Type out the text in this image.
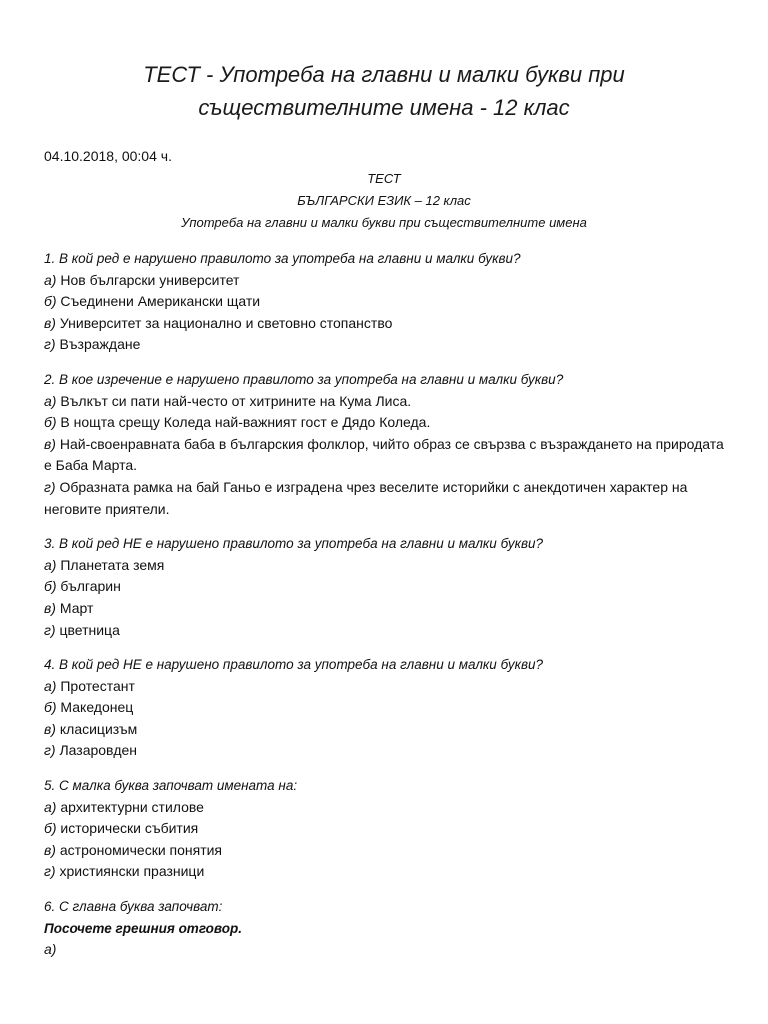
ТЕСТ - Употреба на главни и малки букви при
съществителните имена - 12 клас
04.10.2018, 00:04 ч.
ТЕСТ
БЪЛГАРСКИ ЕЗИК – 12 клас
Употреба на главни и малки букви при съществителните имена
1. В кой ред е нарушено правилото за употреба на главни и малки букви?
а) Нов български университет
б) Съединени Американски щати
в) Университет за национално и световно стопанство
г) Възраждане
2. В кое изречение е нарушено правилото за употреба на главни и малки букви?
а) Вълкът си пати най-често от хитрините на Кума Лиса.
б) В нощта срещу Коледа най-важният гост е Дядо Коледа.
в) Най-своенравната баба в българския фолклор, чийто образ се свързва с възраждането на природата е Баба Марта.
г) Образната рамка на бай Ганьо е изградена чрез веселите историйки с анекдотичен характер на неговите приятели.
3. В кой ред НЕ е нарушено правилото за употреба на главни и малки букви?
а) Планетата земя
б) българин
в) Март
г) цветница
4. В кой ред НЕ е нарушено правилото за употреба на главни и малки букви?
а) Протестант
б) Македонец
в) класицизъм
г) Лазаровден
5. С малка буква започват имената на:
а) архитектурни стилове
б) исторически събития
в) астрономически понятия
г) християнски празници
6. С главна буква започват:
Посочете грешния отговор.
а)
